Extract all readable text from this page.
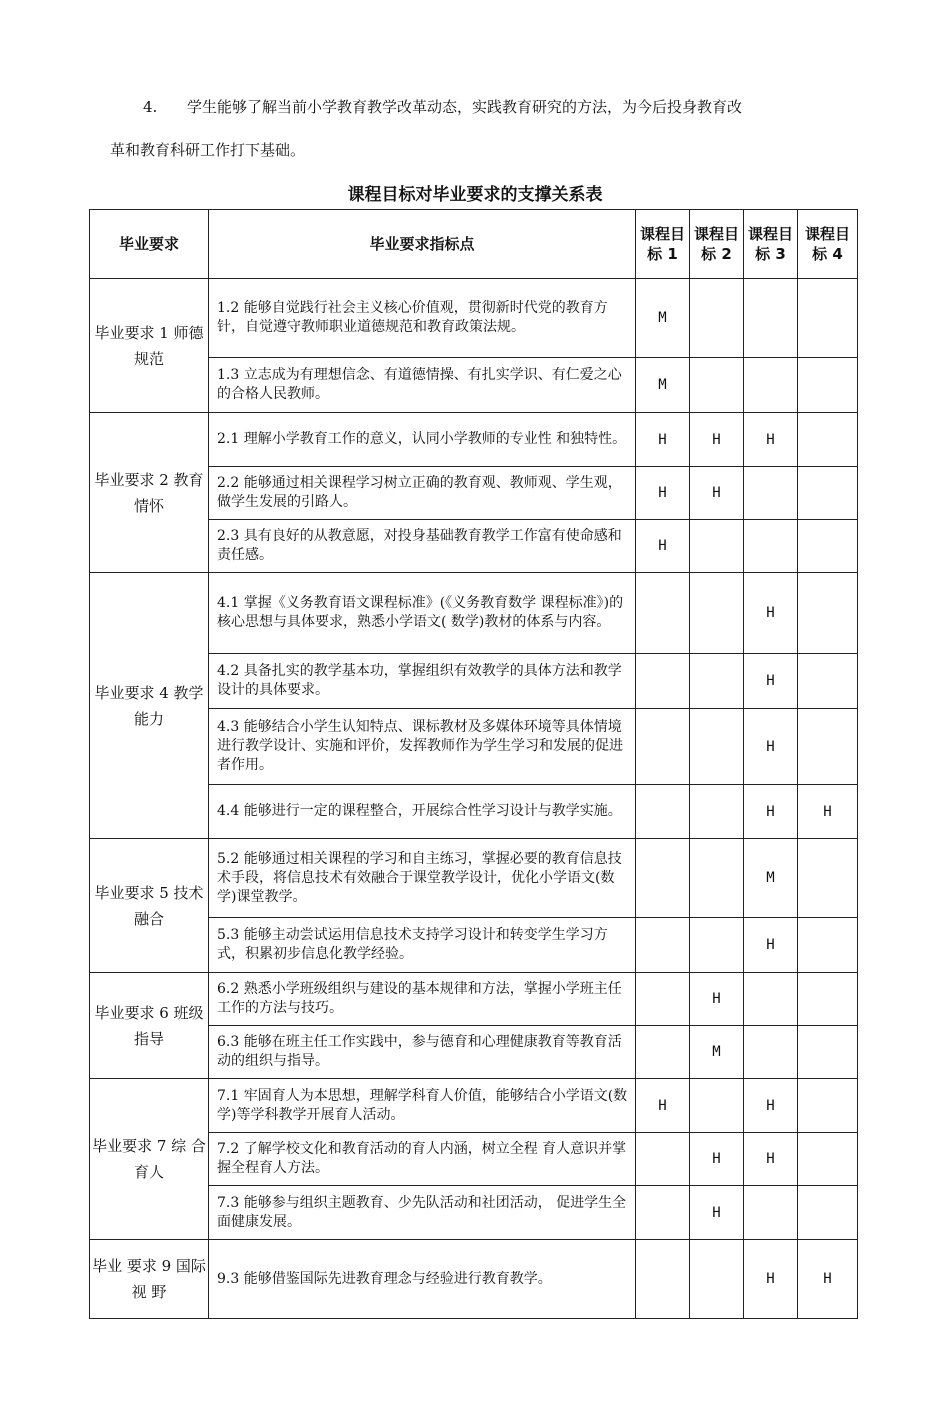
4. 学生能够了解当前小学教育教学改革动态，实践教育研究的方法，为今后投身教育改
革和教育科研工作打下基础。
课程目标对毕业要求的支撑关系表
毕业要求	毕业要求指标点	课程目标 1	课程目标 2	课程目标 3	课程目标 4
毕业要求 1 师德规范	1.2 能够自觉践行社会主义核心价值观，贯彻新时代党的教育方针，自觉遵守教师职业道德规范和教育政策法规。	M			
	1.3 立志成为有理想信念、有道德情操、有扎实学识、有仁爱之心的合格人民教师。	M			
毕业要求 2 教育情怀	2.1 理解小学教育工作的意义，认同小学教师的专业性 和独特性。	H	H	H	
	2.2 能够通过相关课程学习树立正确的教育观、教师观、学生观，做学生发展的引路人。	H	H		
	2.3 具有良好的从教意愿，对投身基础教育教学工作富有使命感和责任感。	H			
毕业要求 4 教学能力	4.1 掌握《义务教育语文课程标准》(《义务教育数学 课程标准》)的核心思想与具体要求，熟悉小学语文( 数学)教材的体系与内容。			H	
	4.2 具备扎实的教学基本功，掌握组织有效教学的具体方法和教学设计的具体要求。			H	
	4.3 能够结合小学生认知特点、课标教材及多媒体环境等具体情境进行教学设计、实施和评价，发挥教师作为学生学习和发展的促进者作用。			H	
	4.4 能够进行一定的课程整合，开展综合性学习设计与教学实施。			H	H
毕业要求 5 技术融合	5.2 能够通过相关课程的学习和自主练习，掌握必要的教育信息技术手段，将信息技术有效融合于课堂教学设计，优化小学语文(数学)课堂教学。			M	
	5.3 能够主动尝试运用信息技术支持学习设计和转变学生学习方式，积累初步信息化教学经验。			H	
毕业要求 6 班级指导	6.2 熟悉小学班级组织与建设的基本规律和方法，掌握小学班主任工作的方法与技巧。		H		
	6.3 能够在班主任工作实践中，参与德育和心理健康教育等教育活动的组织与指导。		M		
毕业要求 7 综 合育人	7.1 牢固育人为本思想，理解学科育人价值，能够结合小学语文(数学)等学科教学开展育人活动。	H		H	
	7.2 了解学校文化和教育活动的育人内涵，树立全程 育人意识并掌握全程育人方法。		H	H	
	7.3 能够参与组织主题教育、少先队活动和社团活动， 促进学生全面健康发展。		H		
毕业 要求 9 国际视 野	9.3 能够借鉴国际先进教育理念与经验进行教育教学。			H	H
